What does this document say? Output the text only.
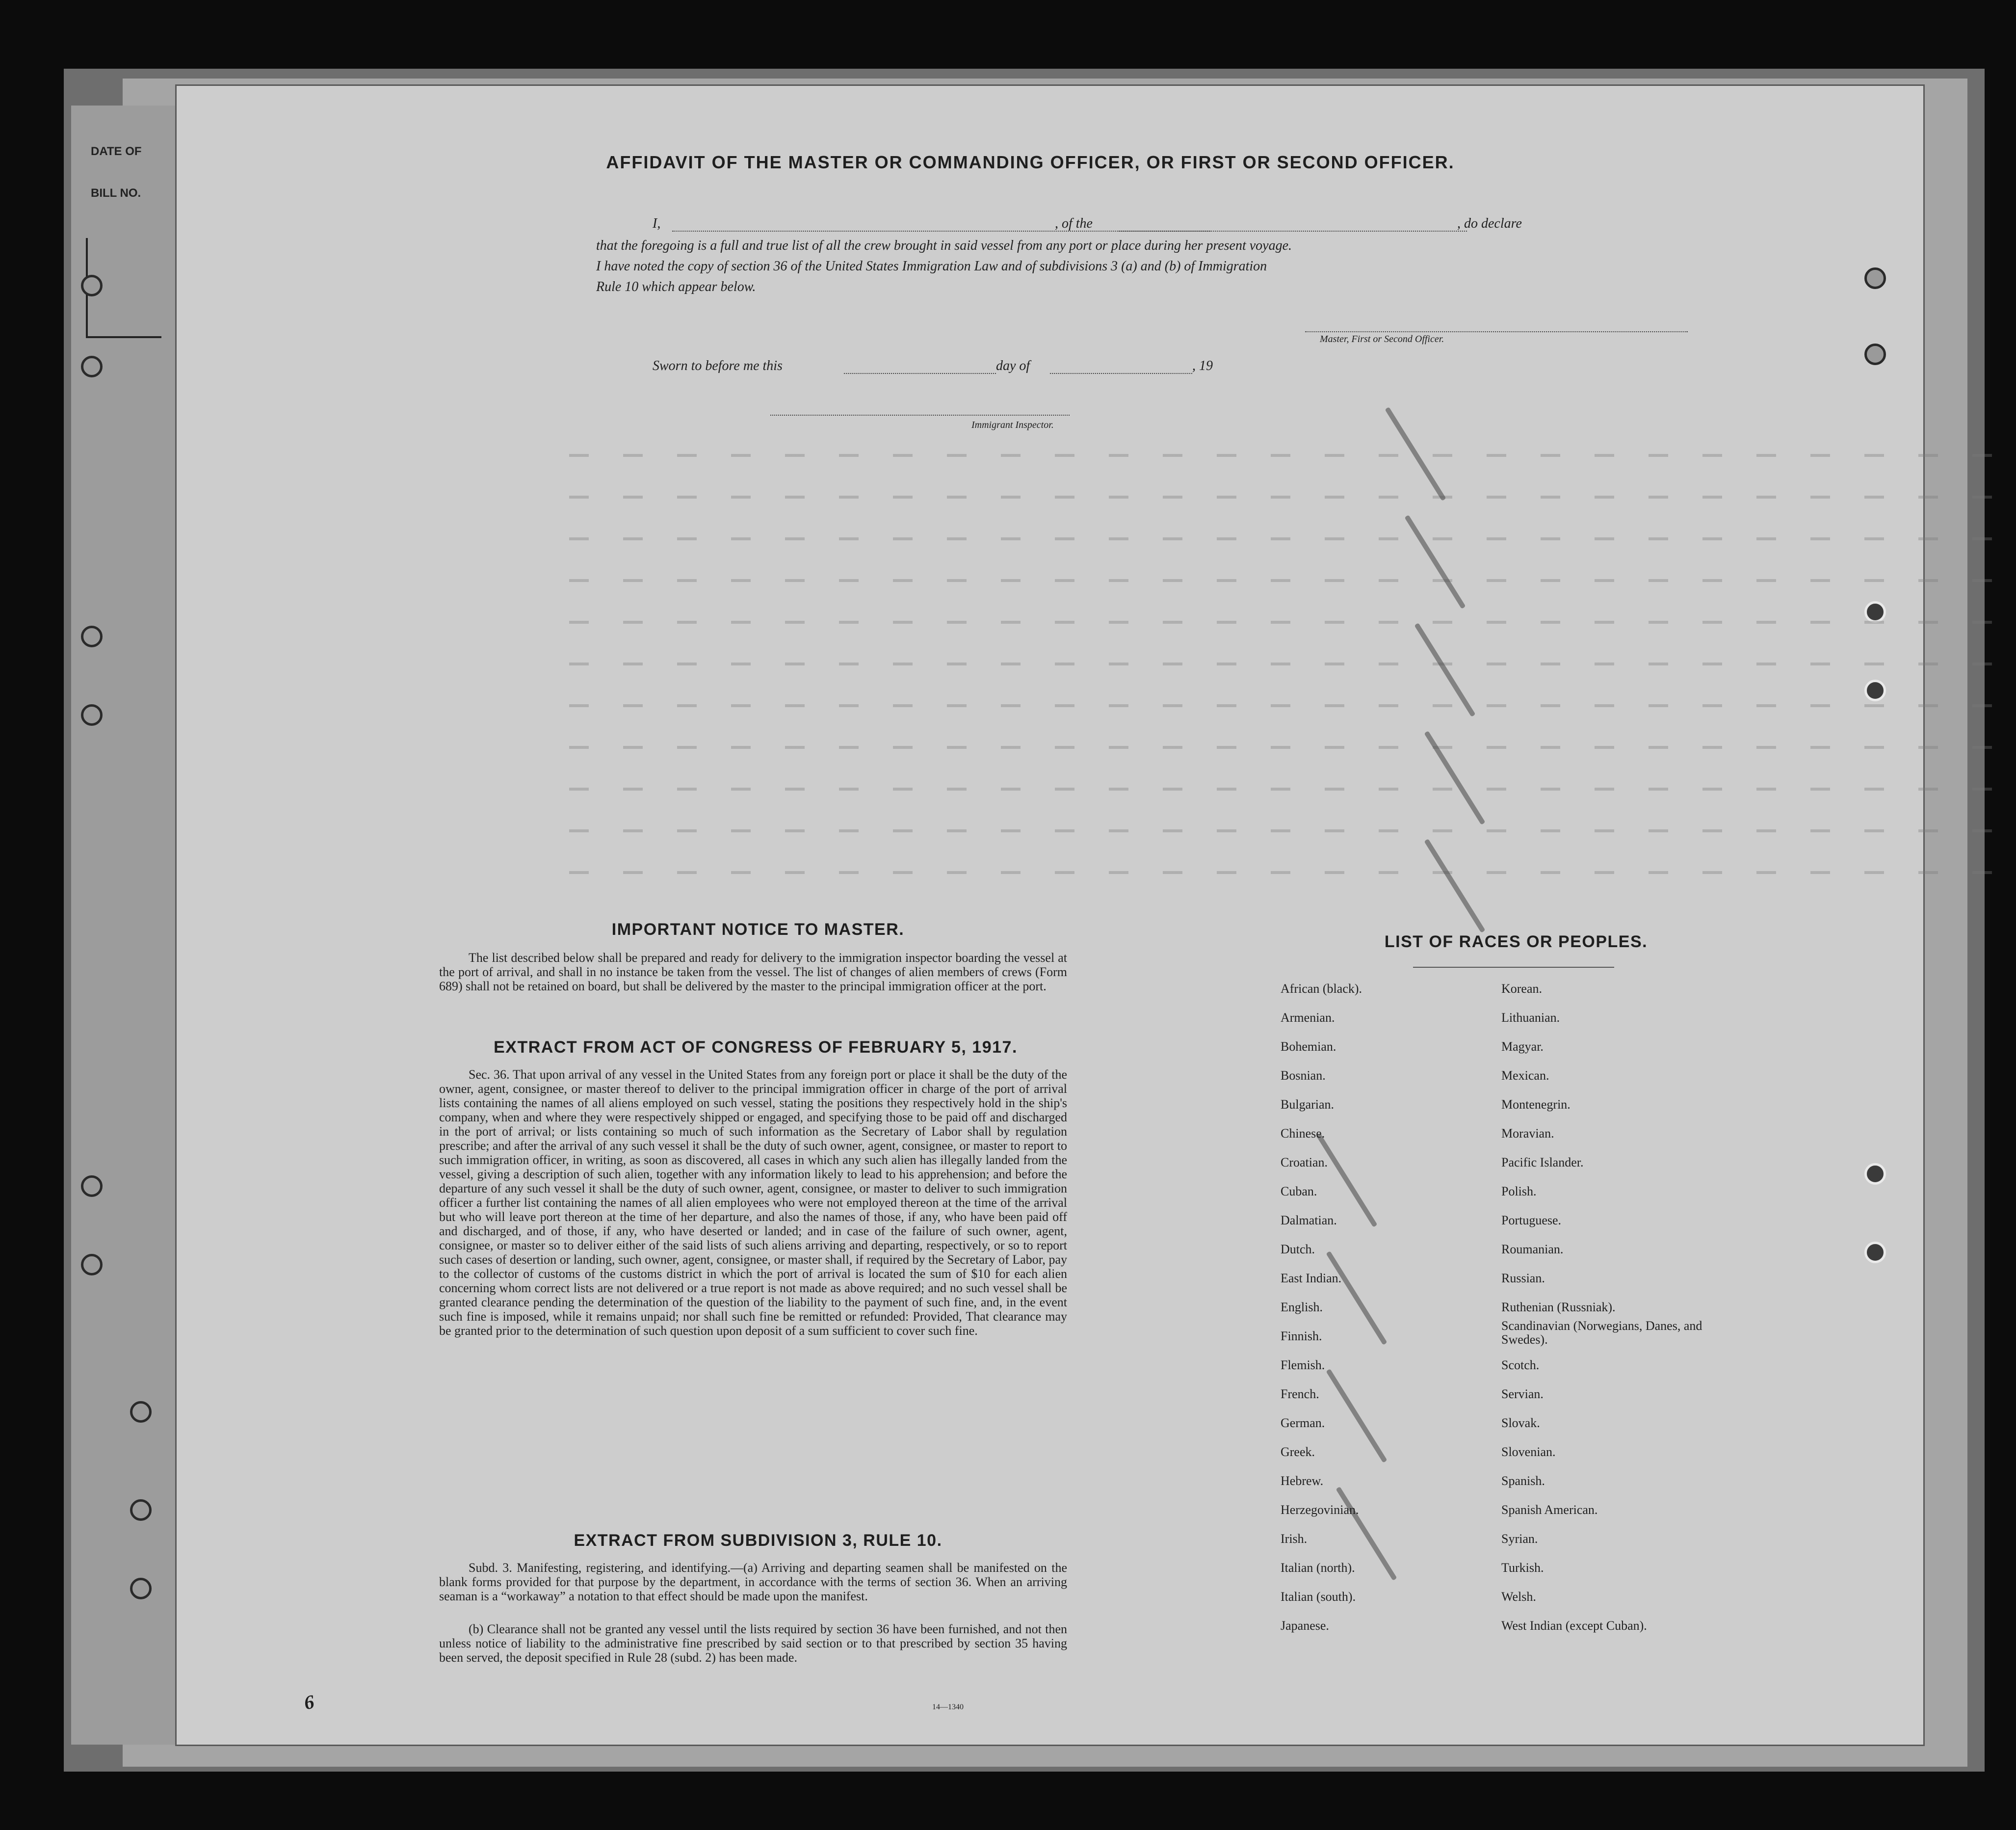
DATE OF
BILL NO.
AFFIDAVIT OF THE MASTER OR COMMANDING OFFICER, OR FIRST OR SECOND OFFICER.
I,	, of the	, do declare
that the foregoing is a full and true list of all the crew brought in said vessel from any port or place during her present voyage.
I have noted the copy of section 36 of the United States Immigration Law and of subdivisions 3 (a) and (b) of Immigration
Rule 10 which appear below.
Master, First or Second Officer.
Sworn to before me this	day of	, 19
Immigrant Inspector.
IMPORTANT NOTICE TO MASTER.
The list described below shall be prepared and ready for delivery to the immigration inspector boarding the vessel at the port of arrival, and shall in no instance be taken from the vessel. The list of changes of alien members of crews (Form 689) shall not be retained on board, but shall be delivered by the master to the principal immigration officer at the port.
EXTRACT FROM ACT OF CONGRESS OF FEBRUARY 5, 1917.
Sec. 36. That upon arrival of any vessel in the United States from any foreign port or place it shall be the duty of the owner, agent, consignee, or master thereof to deliver to the principal immigration officer in charge of the port of arrival lists containing the names of all aliens employed on such vessel, stating the positions they respectively hold in the ship's company, when and where they were respectively shipped or engaged, and specifying those to be paid off and discharged in the port of arrival; or lists containing so much of such information as the Secretary of Labor shall by regulation prescribe; and after the arrival of any such vessel it shall be the duty of such owner, agent, consignee, or master to report to such immigration officer, in writing, as soon as discovered, all cases in which any such alien has illegally landed from the vessel, giving a description of such alien, together with any information likely to lead to his apprehension; and before the departure of any such vessel it shall be the duty of such owner, agent, consignee, or master to deliver to such immigration officer a further list containing the names of all alien employees who were not employed thereon at the time of the arrival but who will leave port thereon at the time of her departure, and also the names of those, if any, who have been paid off and discharged, and of those, if any, who have deserted or landed; and in case of the failure of such owner, agent, consignee, or master so to deliver either of the said lists of such aliens arriving and departing, respectively, or so to report such cases of desertion or landing, such owner, agent, consignee, or master shall, if required by the Secretary of Labor, pay to the collector of customs of the customs district in which the port of arrival is located the sum of $10 for each alien concerning whom correct lists are not delivered or a true report is not made as above required; and no such vessel shall be granted clearance pending the determination of the question of the liability to the payment of such fine, and, in the event such fine is imposed, while it remains unpaid; nor shall such fine be remitted or refunded: Provided, That clearance may be granted prior to the determination of such question upon deposit of a sum sufficient to cover such fine.
EXTRACT FROM SUBDIVISION 3, RULE 10.
Subd. 3. Manifesting, registering, and identifying.—(a) Arriving and departing seamen shall be manifested on the blank forms provided for that purpose by the department, in accordance with the terms of section 36. When an arriving seaman is a “workaway” a notation to that effect should be made upon the manifest.
(b) Clearance shall not be granted any vessel until the lists required by section 36 have been furnished, and not then unless notice of liability to the administrative fine prescribed by said section or to that prescribed by section 35 having been served, the deposit specified in Rule 28 (subd. 2) has been made.
14—1340
6
LIST OF RACES OR PEOPLES.
African (black).
Armenian.
Bohemian.
Bosnian.
Bulgarian.
Chinese.
Croatian.
Cuban.
Dalmatian.
Dutch.
East Indian.
English.
Finnish.
Flemish.
French.
German.
Greek.
Hebrew.
Herzegovinian.
Irish.
Italian (north).
Italian (south).
Japanese.
Korean.
Lithuanian.
Magyar.
Mexican.
Montenegrin.
Moravian.
Pacific Islander.
Polish.
Portuguese.
Roumanian.
Russian.
Ruthenian (Russniak).
Scandinavian (Norwegians, Danes, and Swedes).
Scotch.
Servian.
Slovak.
Slovenian.
Spanish.
Spanish American.
Syrian.
Turkish.
Welsh.
West Indian (except Cuban).
